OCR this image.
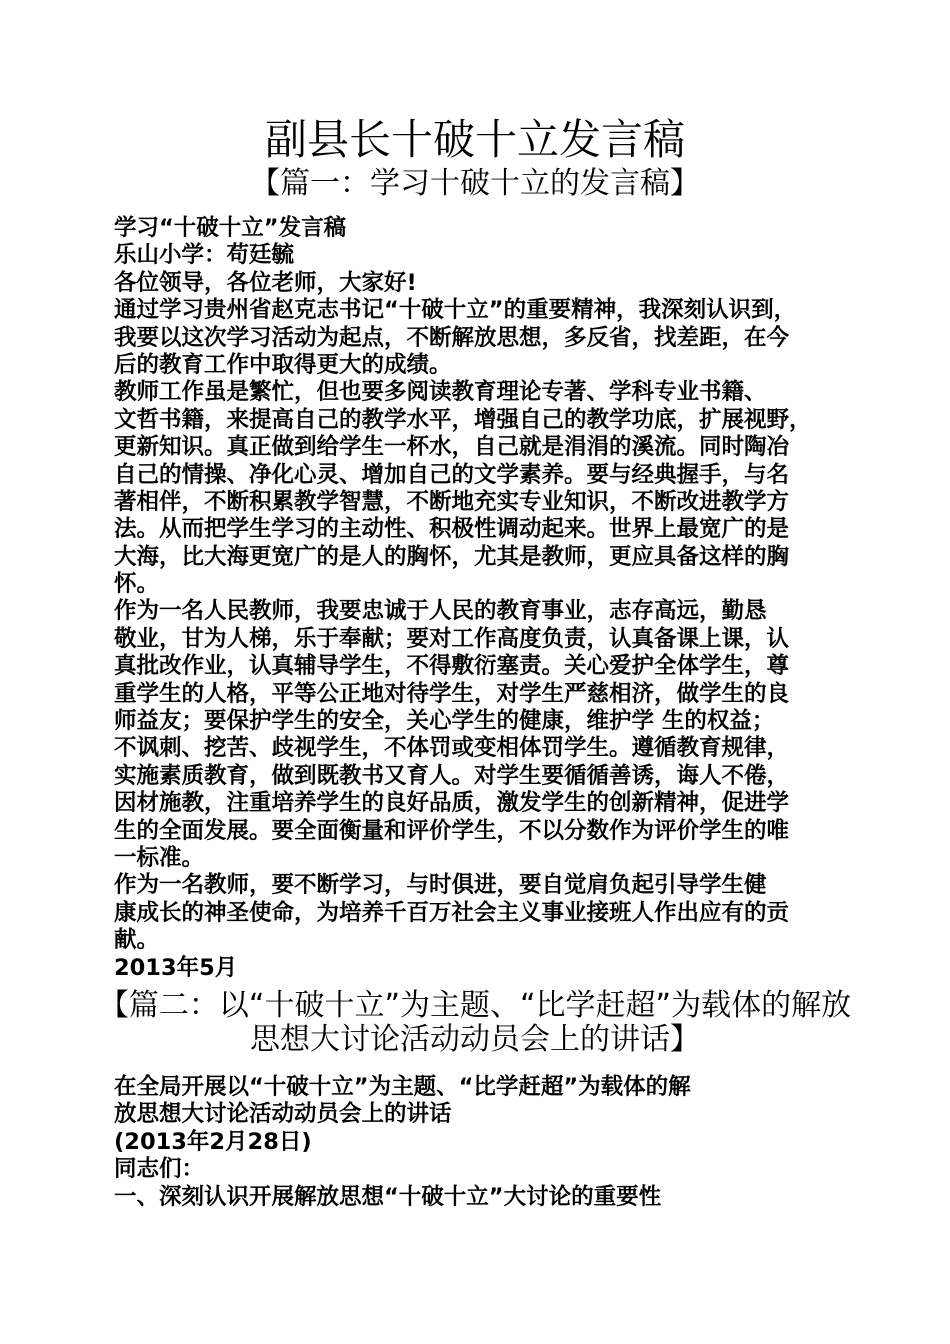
副县长十破十立发言稿
【篇一：学习十破十立的发言稿】
学习“十破十立”发言稿
乐山小学：苟廷毓
各位领导，各位老师，大家好!
通过学习贵州省赵克志书记“十破十立”的重要精神，我深刻认识到，
我要以这次学习活动为起点，不断解放思想，多反省，找差距，在今
后的教育工作中取得更大的成绩。
教师工作虽是繁忙，但也要多阅读教育理论专著、学科专业书籍、
文哲书籍，来提高自己的教学水平，增强自己的教学功底，扩展视野，
更新知识。真正做到给学生一杯水，自己就是涓涓的溪流。同时陶冶
自己的情操、净化心灵、增加自己的文学素养。要与经典握手，与名
著相伴，不断积累教学智慧，不断地充实专业知识，不断改进教学方
法。从而把学生学习的主动性、积极性调动起来。世界上最宽广的是
大海，比大海更宽广的是人的胸怀，尤其是教师，更应具备这样的胸
怀。
作为一名人民教师，我要忠诚于人民的教育事业，志存高远，勤恳
敬业，甘为人梯，乐于奉献；要对工作高度负责，认真备课上课，认
真批改作业，认真辅导学生，不得敷衍塞责。关心爱护全体学生，尊
重学生的人格，平等公正地对待学生，对学生严慈相济，做学生的良
师益友；要保护学生的安全，关心学生的健康，维护学 生的权益；
不讽刺、挖苦、歧视学生，不体罚或变相体罚学生。遵循教育规律，
实施素质教育，做到既教书又育人。对学生要循循善诱，诲人不倦，
因材施教，注重培养学生的良好品质，激发学生的创新精神，促进学
生的全面发展。要全面衡量和评价学生，不以分数作为评价学生的唯
一标准。
作为一名教师，要不断学习，与时俱进，要自觉肩负起引导学生健
康成长的神圣使命，为培养千百万社会主义事业接班人作出应有的贡
献。
2013年5月
【篇二：以“十破十立”为主题、“比学赶超”为载体的解放
思想大讨论活动动员会上的讲话】
在全局开展以“十破十立”为主题、“比学赶超”为载体的解
放思想大讨论活动动员会上的讲话
(2013年2月28日)
同志们：
一、深刻认识开展解放思想“十破十立”大讨论的重要性
